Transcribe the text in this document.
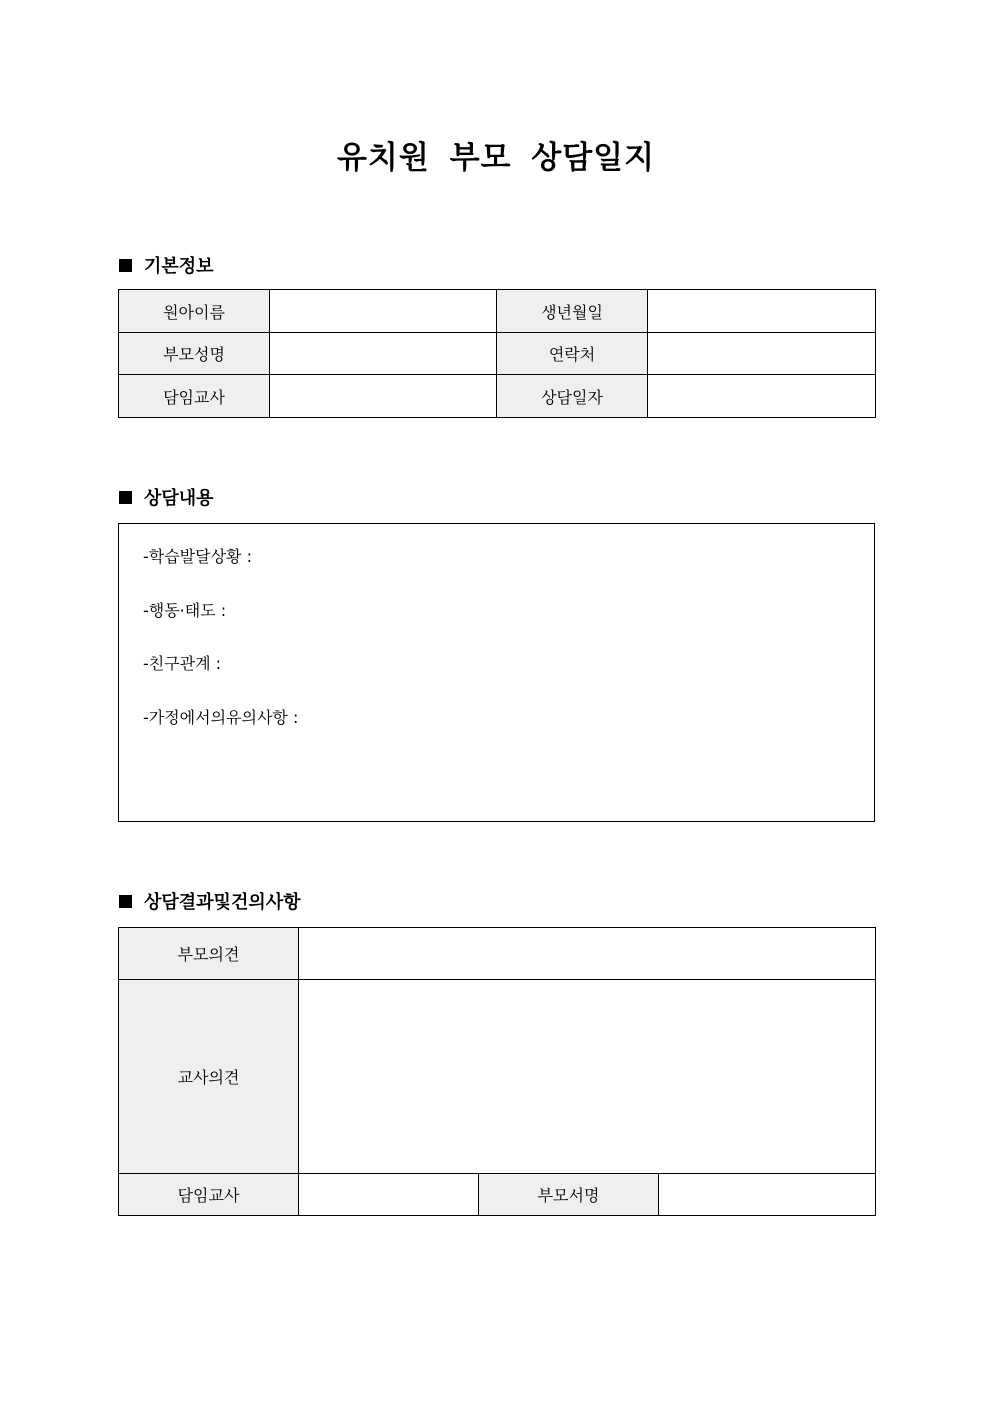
유치원 부모 상담일지
기본정보
원아이름		생년월일	
부모성명		연락처	
담임교사		상담일자	
상담내용
-학습발달상황 :
-행동·태도 :
-친구관계 :
-가정에서의유의사항 :
상담결과및건의사항
부모의견			
교사의견			
담임교사		부모서명	
